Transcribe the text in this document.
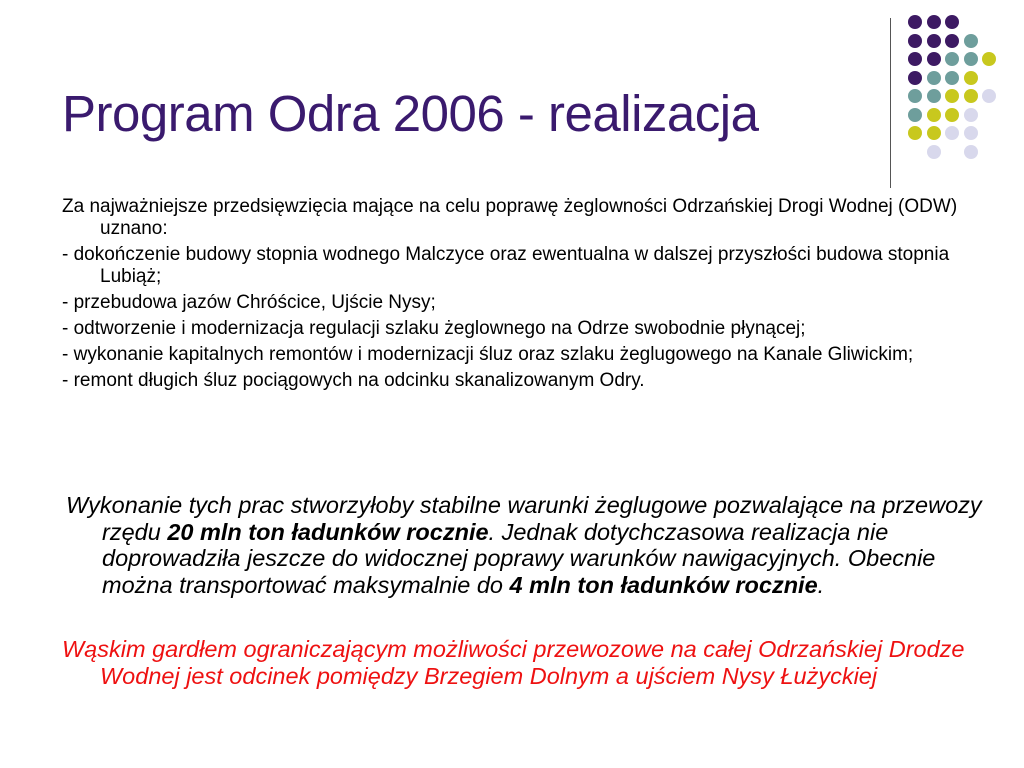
Program Odra 2006 - realizacja
Za najważniejsze przedsięwzięcia mające na celu poprawę żeglowności Odrzańskiej Drogi Wodnej (ODW) uznano:
- dokończenie budowy stopnia wodnego Malczyce oraz ewentualna w dalszej przyszłości budowa stopnia Lubiąż;
- przebudowa jazów Chróścice, Ujście Nysy;
- odtworzenie i modernizacja regulacji szlaku żeglownego na Odrze swobodnie płynącej;
- wykonanie kapitalnych remontów i modernizacji śluz oraz szlaku żeglugowego na Kanale Gliwickim;
- remont długich śluz pociągowych na odcinku skanalizowanym Odry.

Wykonanie tych prac stworzyłoby stabilne warunki żeglugowe pozwalające na przewozy rzędu 20 mln ton ładunków rocznie. Jednak dotychczasowa realizacja nie doprowadziła jeszcze do widocznej poprawy warunków nawigacyjnych. Obecnie można transportować maksymalnie do 4 mln ton ładunków rocznie.

Wąskim gardłem ograniczającym możliwości przewozowe na całej Odrzańskiej Drodze Wodnej jest odcinek pomiędzy Brzegiem Dolnym a ujściem Nysy Łużyckiej
